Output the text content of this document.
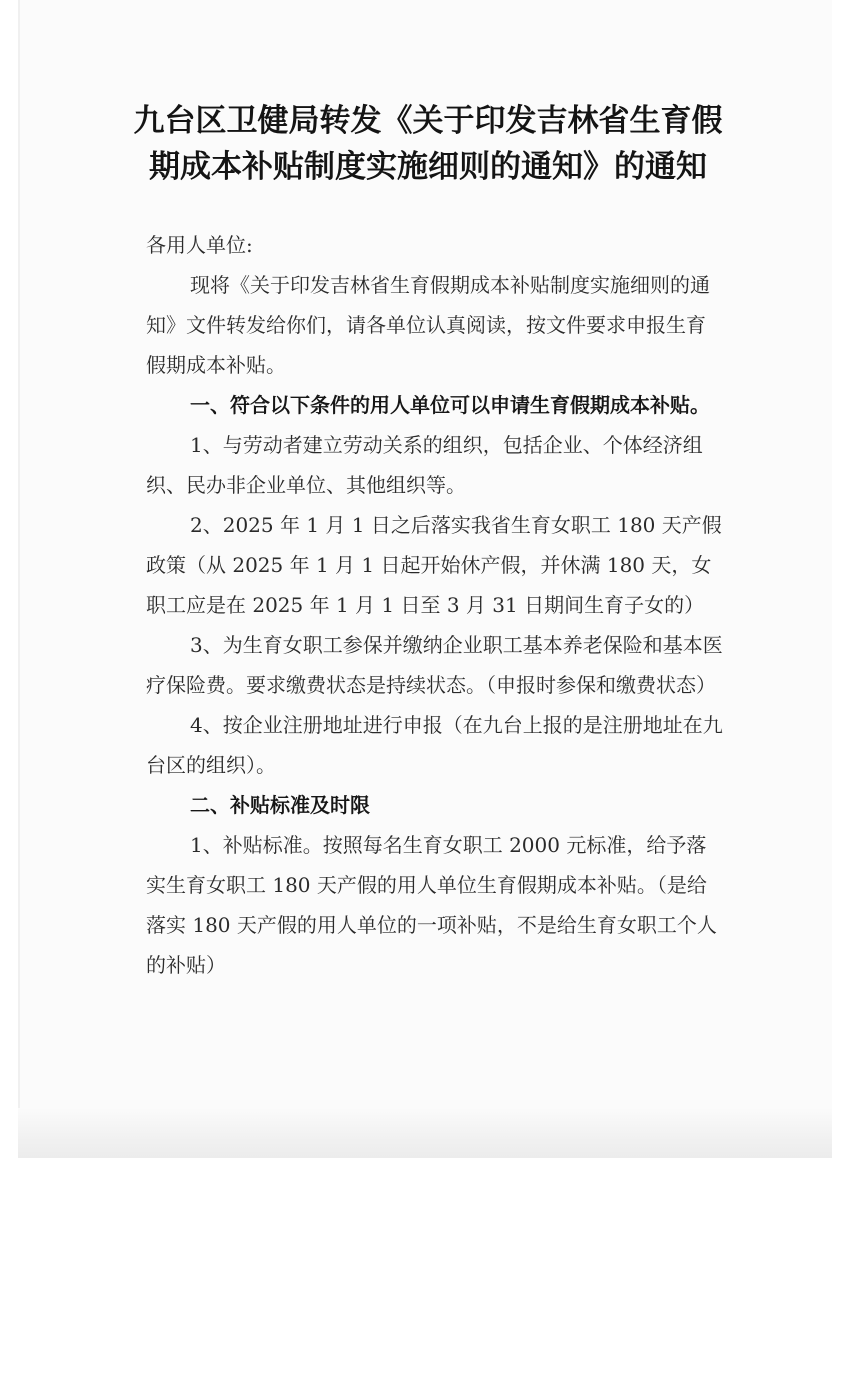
九台区卫健局转发《关于印发吉林省生育假
期成本补贴制度实施细则的通知》的通知

各用人单位:

现将《关于印发吉林省生育假期成本补贴制度实施细则的通知》文件转发给你们，请各单位认真阅读，按文件要求申报生育假期成本补贴。

一、符合以下条件的用人单位可以申请生育假期成本补贴。

1、与劳动者建立劳动关系的组织，包括企业、个体经济组织、民办非企业单位、其他组织等。

2、2025 年 1 月 1 日之后落实我省生育女职工 180 天产假政策（从 2025 年 1 月 1 日起开始休产假，并休满 180 天，女职工应是在 2025 年 1 月 1 日至 3 月 31 日期间生育子女的）

3、为生育女职工参保并缴纳企业职工基本养老保险和基本医疗保险费。要求缴费状态是持续状态。（申报时参保和缴费状态）

4、按企业注册地址进行申报（在九台上报的是注册地址在九台区的组织）。

二、补贴标准及时限

1、补贴标准。按照每名生育女职工 2000 元标准，给予落实生育女职工 180 天产假的用人单位生育假期成本补贴。（是给落实 180 天产假的用人单位的一项补贴，不是给生育女职工个人的补贴）
